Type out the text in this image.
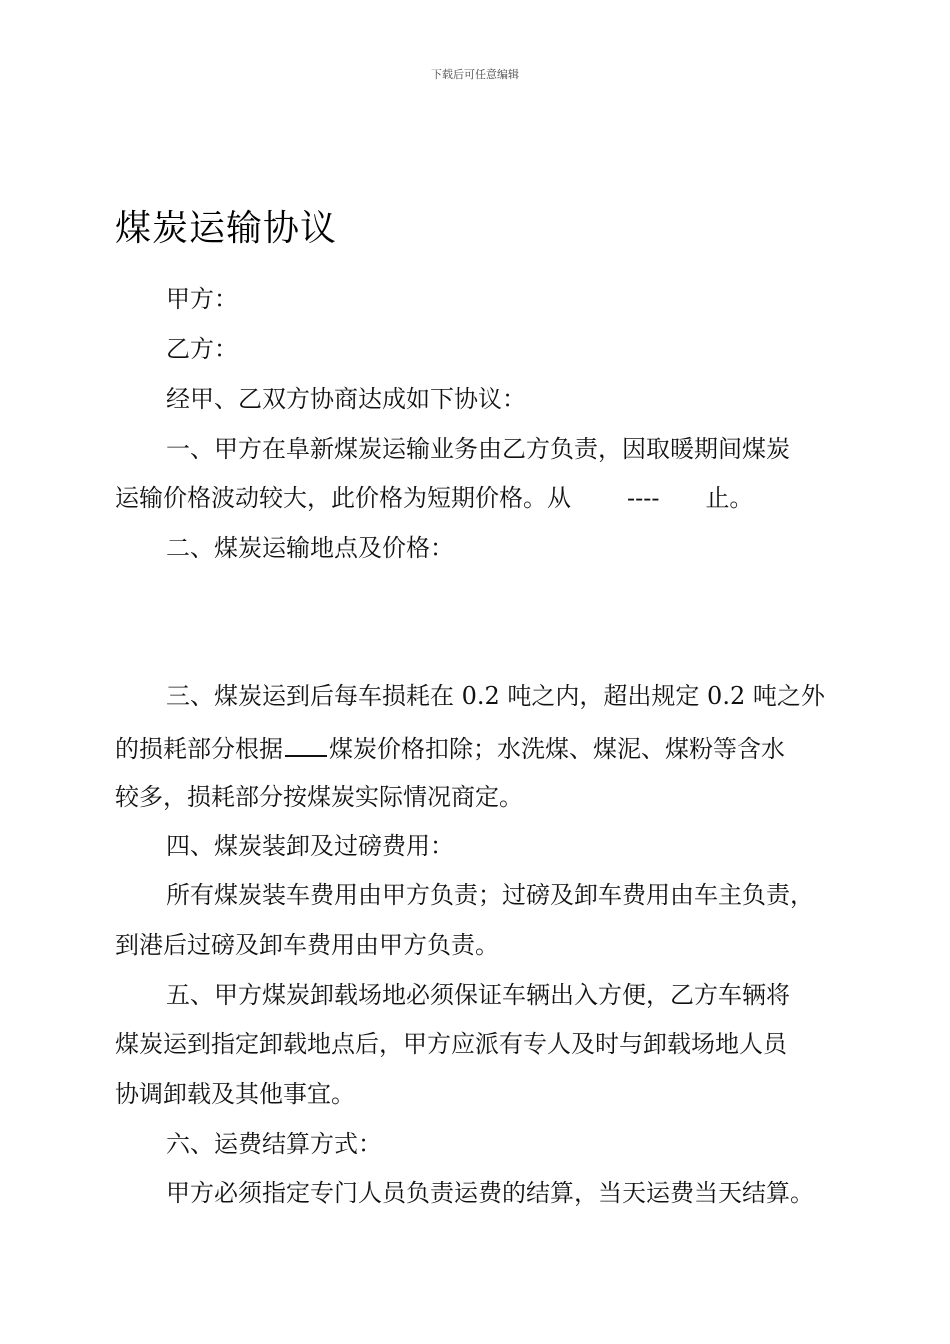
下载后可任意编辑
煤炭运输协议
甲方：
乙方：
经甲、乙双方协商达成如下协议：
一、甲方在阜新煤炭运输业务由乙方负责，因取暖期间煤炭
运输价格波动较大，此价格为短期价格。从 ---- 止。
二、煤炭运输地点及价格：
三、煤炭运到后每车损耗在 0.2 吨之内，超出规定 0.2 吨之外
的损耗部分根据 煤炭价格扣除；水洗煤、煤泥、煤粉等含水
较多，损耗部分按煤炭实际情况商定。
四、煤炭装卸及过磅费用：
所有煤炭装车费用由甲方负责；过磅及卸车费用由车主负责，
到港后过磅及卸车费用由甲方负责。
五、甲方煤炭卸载场地必须保证车辆出入方便，乙方车辆将
煤炭运到指定卸载地点后，甲方应派有专人及时与卸载场地人员
协调卸载及其他事宜。
六、运费结算方式：
甲方必须指定专门人员负责运费的结算，当天运费当天结算。
